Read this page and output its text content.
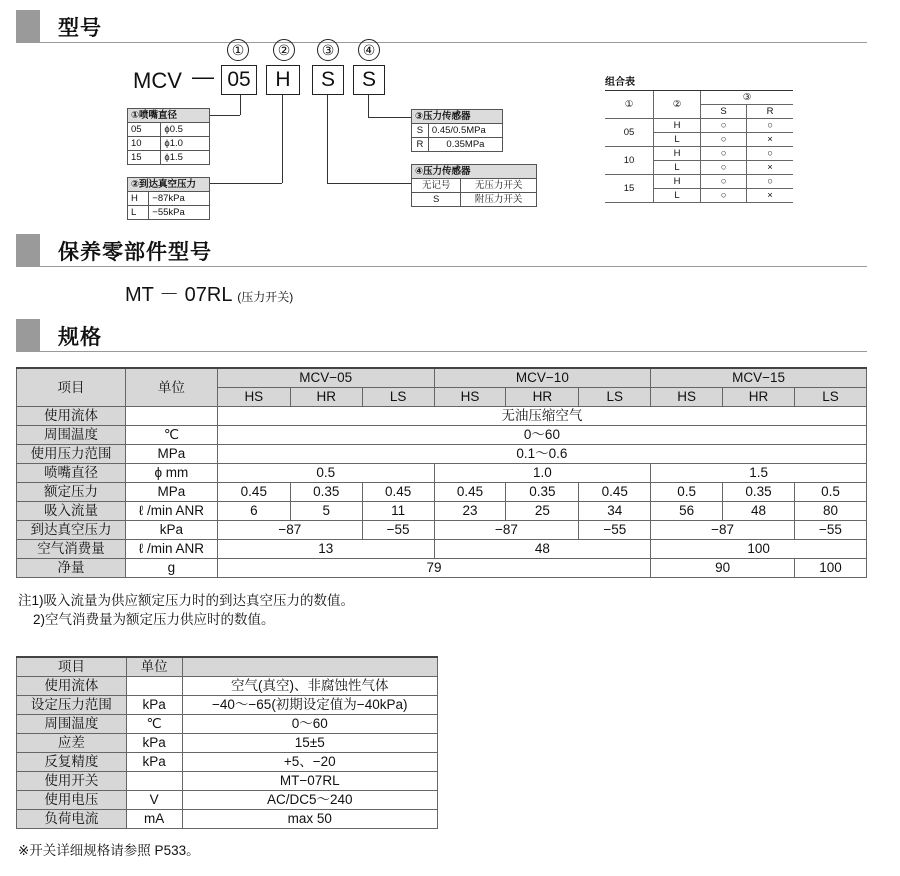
型号
MCV —
①	②	③	④
05	H	S	S
①喷嘴直径	
05	ϕ0.5
10	ϕ1.0
15	ϕ1.5
②到达真空压力	
H	−87kPa
L	−55kPa
③压力传感器	
S	0.45/0.5MPa
R	0.35MPa
④压力传感器	
无记号	无压力开关
S	附压力开关
组合表
①	②	③	
		S	R
05	H	○	○
	L	○	×
10	H	○	○
	L	○	×
15	H	○	○
	L	○	×
保养零部件型号
MT － 07RL (压力开关)
规格
项目	单位	MCV−05			MCV−10			MCV−15		
		HS	HR	LS	HS	HR	LS	HS	HR	LS
使用流体		无油压缩空气								
周围温度	℃	0～60								
使用压力范围	MPa	0.1～0.6								
喷嘴直径	ϕ mm	0.5			1.0			1.5		
额定压力	MPa	0.45	0.35	0.45	0.45	0.35	0.45	0.5	0.35	0.5
吸入流量	ℓ /min ANR	6	5	11	23	25	34	56	48	80
到达真空压力	kPa	−87		−55	−87		−55	−87		−55
空气消费量	ℓ /min ANR	13			48			100		
净量	g	79						90		100
注1)吸入流量为供应额定压力时的到达真空压力的数值。
2)空气消费量为额定压力供应时的数值。
项目	单位	
使用流体		空气(真空)、非腐蚀性气体
设定压力范围	kPa	−40～−65(初期设定值为−40kPa)
周围温度	℃	0～60
应差	kPa	15±5
反复精度	kPa	+5、−20
使用开关		MT−07RL
使用电压	V	AC/DC5～240
负荷电流	mA	max 50
※开关详细规格请参照 P533。
